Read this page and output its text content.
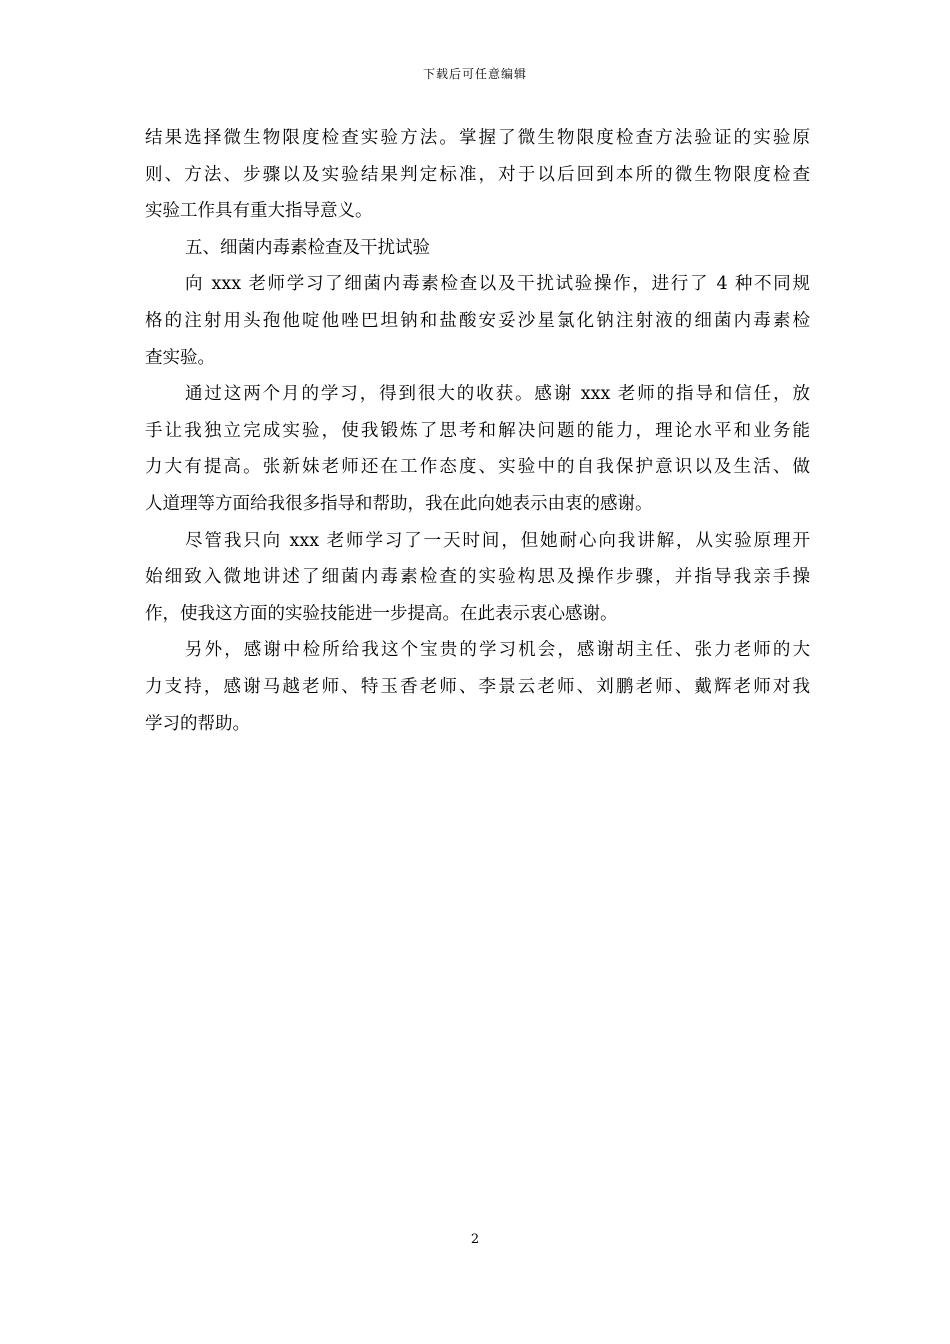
下载后可任意编辑
结果选择微生物限度检查实验方法。掌握了微生物限度检查方法验证的实验原
则、方法、步骤以及实验结果判定标准，对于以后回到本所的微生物限度检查
实验工作具有重大指导意义。
五、细菌内毒素检查及干扰试验
向 xxx 老师学习了细菌内毒素检查以及干扰试验操作，进行了 4 种不同规
格的注射用头孢他啶他唑巴坦钠和盐酸安妥沙星氯化钠注射液的细菌内毒素检
查实验。
通过这两个月的学习，得到很大的收获。感谢 xxx 老师的指导和信任，放
手让我独立完成实验，使我锻炼了思考和解决问题的能力，理论水平和业务能
力大有提高。张新妹老师还在工作态度、实验中的自我保护意识以及生活、做
人道理等方面给我很多指导和帮助，我在此向她表示由衷的感谢。
尽管我只向 xxx 老师学习了一天时间，但她耐心向我讲解，从实验原理开
始细致入微地讲述了细菌内毒素检查的实验构思及操作步骤，并指导我亲手操
作，使我这方面的实验技能进一步提高。在此表示衷心感谢。
另外，感谢中检所给我这个宝贵的学习机会，感谢胡主任、张力老师的大
力支持，感谢马越老师、特玉香老师、李景云老师、刘鹏老师、戴辉老师对我
学习的帮助。
2
